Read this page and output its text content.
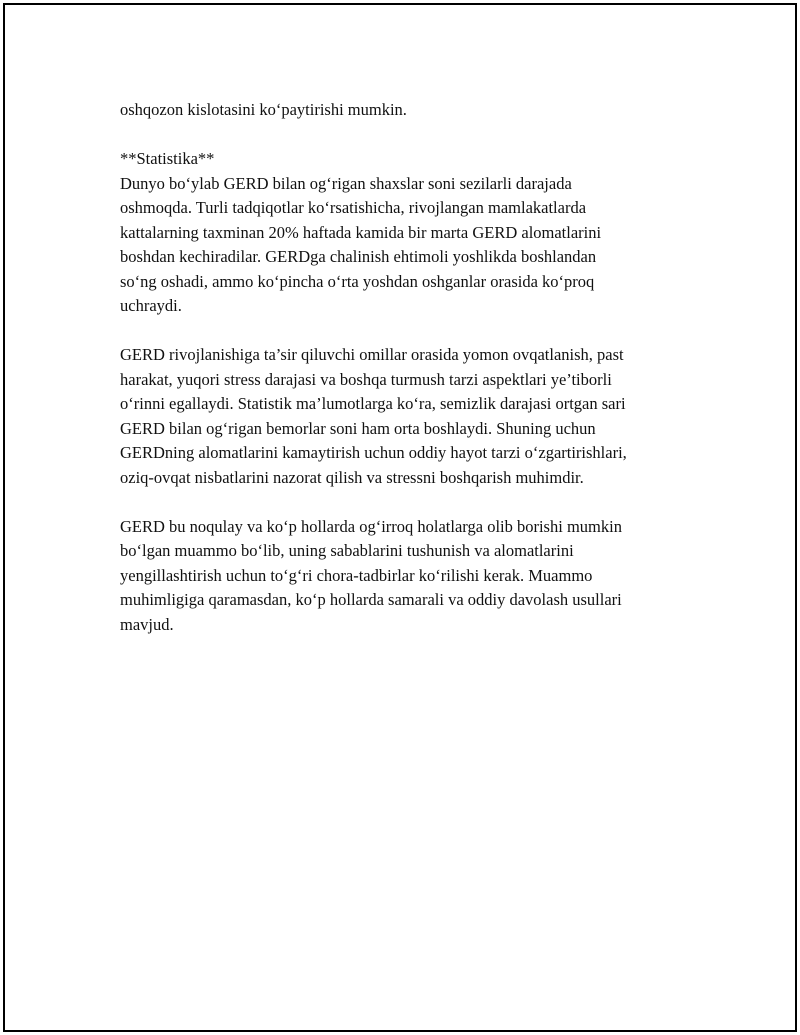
oshqozon kislotasini ko‘paytirishi mumkin.
**Statistika**
Dunyo bo‘ylab GERD bilan og‘rigan shaxslar soni sezilarli darajada
oshmoqda. Turli tadqiqotlar ko‘rsatishicha, rivojlangan mamlakatlarda
kattalarning taxminan 20% haftada kamida bir marta GERD alomatlarini
boshdan kechiradilar. GERDga chalinish ehtimoli yoshlikda boshlandan
so‘ng oshadi, ammo ko‘pincha o‘rta yoshdan oshganlar orasida ko‘proq
uchraydi.
GERD rivojlanishiga ta’sir qiluvchi omillar orasida yomon ovqatlanish, past
harakat, yuqori stress darajasi va boshqa turmush tarzi aspektlari ye’tiborli
o‘rinni egallaydi. Statistik ma’lumotlarga ko‘ra, semizlik darajasi ortgan sari
GERD bilan og‘rigan bemorlar soni ham orta boshlaydi. Shuning uchun
GERDning alomatlarini kamaytirish uchun oddiy hayot tarzi o‘zgartirishlari,
oziq-ovqat nisbatlarini nazorat qilish va stressni boshqarish muhimdir.
GERD bu noqulay va ko‘p hollarda og‘irroq holatlarga olib borishi mumkin
bo‘lgan muammo bo‘lib, uning sabablarini tushunish va alomatlarini
yengillashtirish uchun to‘g‘ri chora-tadbirlar ko‘rilishi kerak. Muammo
muhimligiga qaramasdan, ko‘p hollarda samarali va oddiy davolash usullari
mavjud.
